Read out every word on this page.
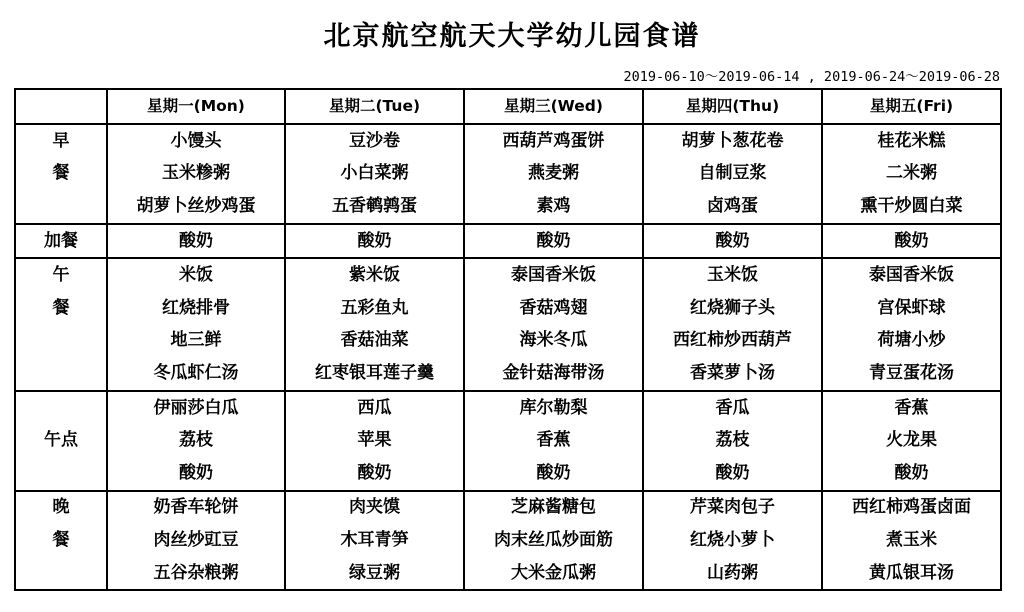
北京航空航天大学幼儿园食谱
2019-06-10～2019-06-14 , 2019-06-24～2019-06-28
	星期一(Mon)	星期二(Tue)	星期三(Wed)	星期四(Thu)	星期五(Fri)
早	小馒头	豆沙卷	西葫芦鸡蛋饼	胡萝卜葱花卷	桂花米糕
餐	玉米糁粥	小白菜粥	燕麦粥	自制豆浆	二米粥
	胡萝卜丝炒鸡蛋	五香鹌鹑蛋	素鸡	卤鸡蛋	熏干炒圆白菜
加餐	酸奶	酸奶	酸奶	酸奶	酸奶
午	米饭	紫米饭	泰国香米饭	玉米饭	泰国香米饭
餐	红烧排骨	五彩鱼丸	香菇鸡翅	红烧狮子头	宫保虾球
	地三鲜	香菇油菜	海米冬瓜	西红柿炒西葫芦	荷塘小炒
	冬瓜虾仁汤	红枣银耳莲子羹	金针菇海带汤	香菜萝卜汤	青豆蛋花汤
	伊丽莎白瓜	西瓜	库尔勒梨	香瓜	香蕉
午点	荔枝	苹果	香蕉	荔枝	火龙果
	酸奶	酸奶	酸奶	酸奶	酸奶
晚	奶香车轮饼	肉夹馍	芝麻酱糖包	芹菜肉包子	西红柿鸡蛋卤面
餐	肉丝炒豇豆	木耳青笋	肉末丝瓜炒面筋	红烧小萝卜	煮玉米
	五谷杂粮粥	绿豆粥	大米金瓜粥	山药粥	黄瓜银耳汤
